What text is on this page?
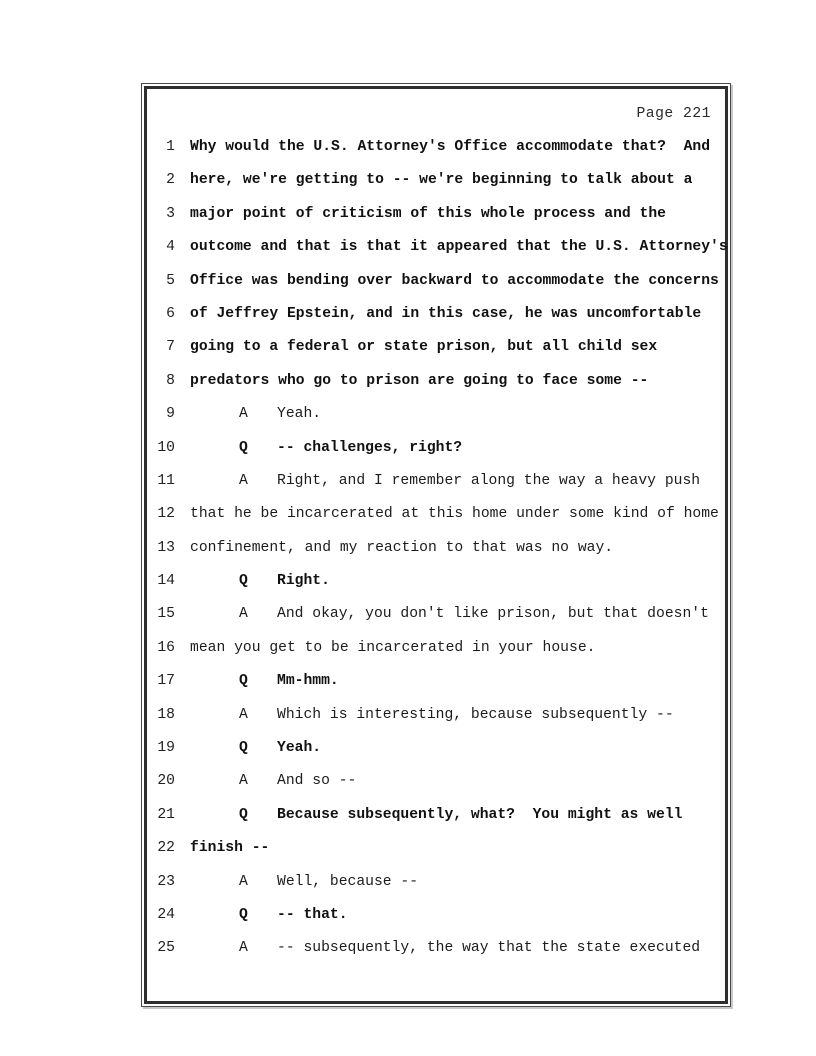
Page 221
1 Why would the U.S. Attorney's Office accommodate that?  And
2 here, we're getting to -- we're beginning to talk about a
3 major point of criticism of this whole process and the
4 outcome and that is that it appeared that the U.S. Attorney's
5 Office was bending over backward to accommodate the concerns
6 of Jeffrey Epstein, and in this case, he was uncomfortable
7 going to a federal or state prison, but all child sex
8 predators who go to prison are going to face some --
9	A Yeah.
10	Q -- challenges, right?
11	A Right, and I remember along the way a heavy push
12 that he be incarcerated at this home under some kind of home
13 confinement, and my reaction to that was no way.
14	Q Right.
15	A And okay, you don't like prison, but that doesn't
16 mean you get to be incarcerated in your house.
17	Q Mm-hmm.
18	A Which is interesting, because subsequently --
19	Q Yeah.
20	A And so --
21	Q Because subsequently, what?  You might as well
22 finish --
23	A Well, because --
24	Q -- that.
25	A -- subsequently, the way that the state executed
